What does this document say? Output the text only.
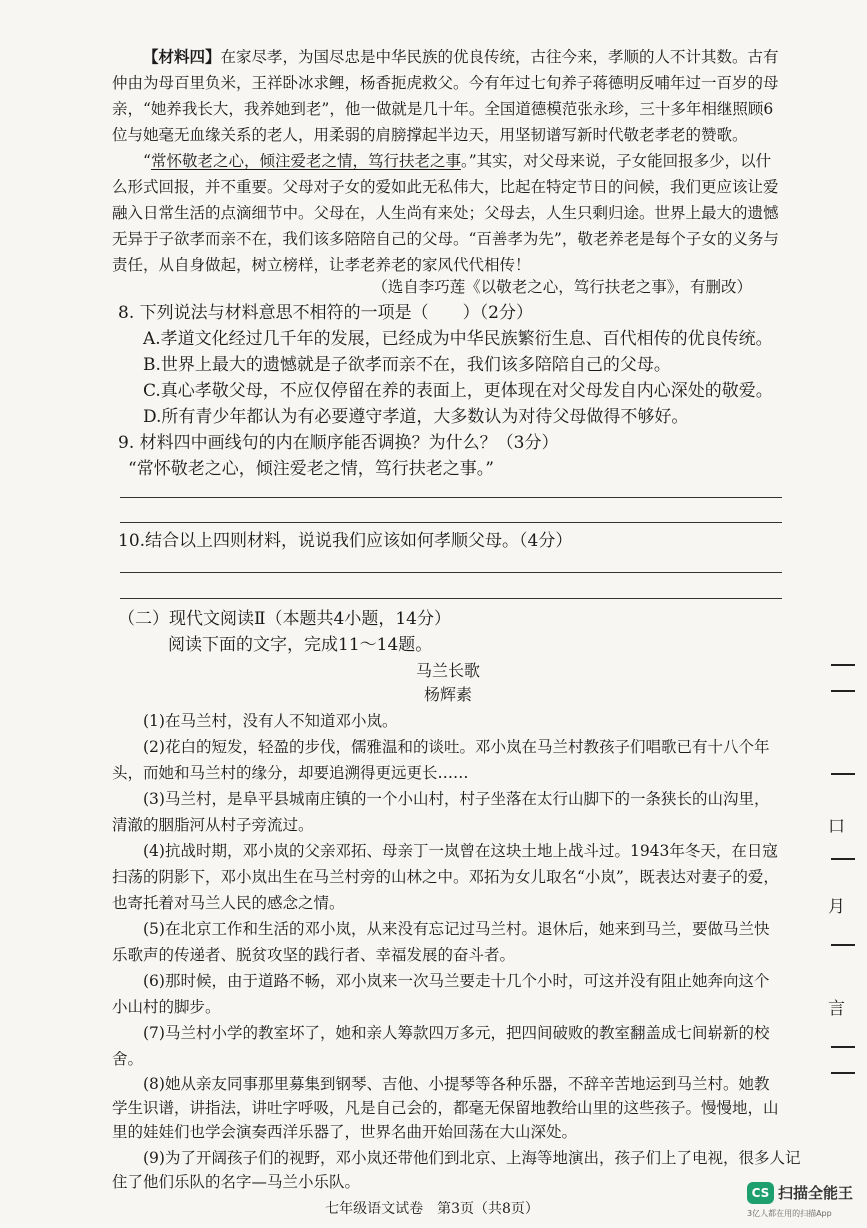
【材料四】在家尽孝，为国尽忠是中华民族的优良传统，古往今来，孝顺的人不计其数。古有仲由为母百里负米，王祥卧冰求鲤，杨香扼虎救父。今有年过七旬养子蒋德明反哺年过一百岁的母亲，“她养我长大，我养她到老”，他一做就是几十年。全国道德模范张永珍，三十多年相继照顾6位与她毫无血缘关系的老人，用柔弱的肩膀撑起半边天，用坚韧谱写新时代敬老孝老的赞歌。

“常怀敬老之心，倾注爱老之情，笃行扶老之事。”其实，对父母来说，子女能回报多少，以什么形式回报，并不重要。父母对子女的爱如此无私伟大，比起在特定节日的问候，我们更应该让爱融入日常生活的点滴细节中。父母在，人生尚有来处；父母去，人生只剩归途。世界上最大的遗憾无异于子欲孝而亲不在，我们该多陪陪自己的父母。“百善孝为先”，敬老养老是每个子女的义务与责任，从自身做起，树立榜样，让孝老养老的家风代代相传！

（选自李巧莲《以敬老之心，笃行扶老之事》，有删改）

8. 下列说法与材料意思不相符的一项是（　　）（2分）

A.孝道文化经过几千年的发展，已经成为中华民族繁衍生息、百代相传的优良传统。

B.世界上最大的遗憾就是子欲孝而亲不在，我们该多陪陪自己的父母。

C.真心孝敬父母，不应仅停留在养的表面上，更体现在对父母发自内心深处的敬爱。

D.所有青少年都认为有必要遵守孝道，大多数认为对待父母做得不够好。

9. 材料四中画线句的内在顺序能否调换？为什么？（3分）

“常怀敬老之心，倾注爱老之情，笃行扶老之事。”

10.结合以上四则材料，说说我们应该如何孝顺父母。（4分）

（二）现代文阅读Ⅱ（本题共4小题，14分）

阅读下面的文字，完成11～14题。

马兰长歌

杨辉素

(1)在马兰村，没有人不知道邓小岚。

(2)花白的短发，轻盈的步伐，儒雅温和的谈吐。邓小岚在马兰村教孩子们唱歌已有十八个年头，而她和马兰村的缘分，却要追溯得更远更长……

(3)马兰村，是阜平县城南庄镇的一个小山村，村子坐落在太行山脚下的一条狭长的山沟里，清澈的胭脂河从村子旁流过。

(4)抗战时期，邓小岚的父亲邓拓、母亲丁一岚曾在这块土地上战斗过。1943年冬天，在日寇扫荡的阴影下，邓小岚出生在马兰村旁的山林之中。邓拓为女儿取名“小岚”，既表达对妻子的爱，也寄托着对马兰人民的感念之情。

(5)在北京工作和生活的邓小岚，从来没有忘记过马兰村。退休后，她来到马兰，要做马兰快乐歌声的传递者、脱贫攻坚的践行者、幸福发展的奋斗者。

(6)那时候，由于道路不畅，邓小岚来一次马兰要走十几个小时，可这并没有阻止她奔向这个小山村的脚步。

(7)马兰村小学的教室坏了，她和亲人筹款四万多元，把四间破败的教室翻盖成七间崭新的校舍。

(8)她从亲友同事那里募集到钢琴、吉他、小提琴等各种乐器，不辞辛苦地运到马兰村。她教学生识谱，讲指法，讲吐字呼吸，凡是自己会的，都毫无保留地教给山里的这些孩子。慢慢地，山里的娃娃们也学会演奏西洋乐器了，世界名曲开始回荡在大山深处。

(9)为了开阔孩子们的视野，邓小岚还带他们到北京、上海等地演出，孩子们上了电视，很多人记住了他们乐队的名字—马兰小乐队。

七年级语文试卷　第3页（共8页）

口
月
言
CS 扫描全能王
3亿人都在用的扫描App
